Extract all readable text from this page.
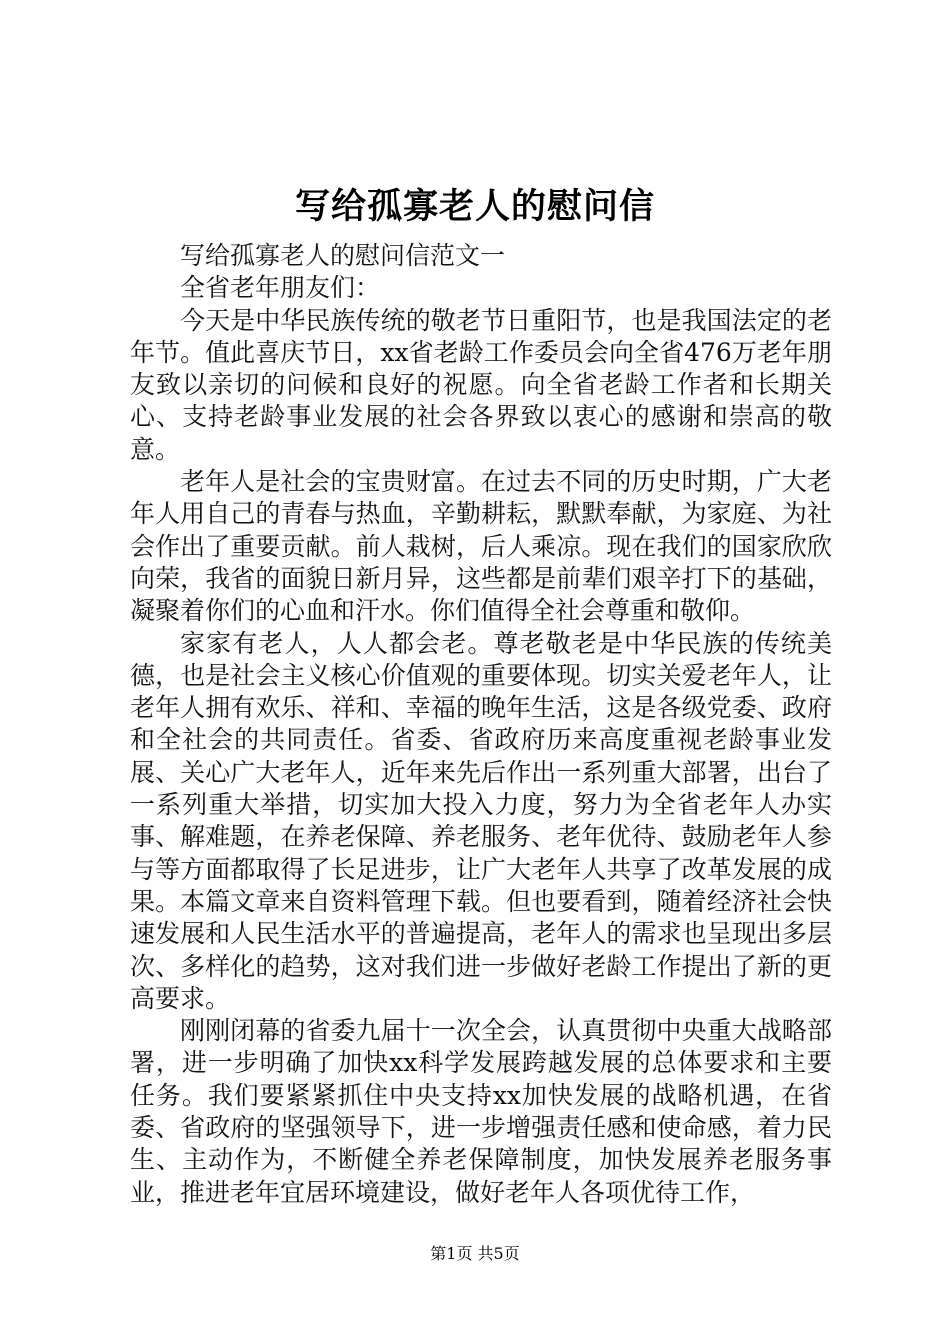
写给孤寡老人的慰问信

写给孤寡老人的慰问信范文一

全省老年朋友们：

今天是中华民族传统的敬老节日重阳节，也是我国法定的老年节。值此喜庆节日，xx省老龄工作委员会向全省476万老年朋友致以亲切的问候和良好的祝愿。向全省老龄工作者和长期关心、支持老龄事业发展的社会各界致以衷心的感谢和崇高的敬意。

老年人是社会的宝贵财富。在过去不同的历史时期，广大老年人用自己的青春与热血，辛勤耕耘，默默奉献，为家庭、为社会作出了重要贡献。前人栽树，后人乘凉。现在我们的国家欣欣向荣，我省的面貌日新月异，这些都是前辈们艰辛打下的基础，凝聚着你们的心血和汗水。你们值得全社会尊重和敬仰。

家家有老人，人人都会老。尊老敬老是中华民族的传统美德，也是社会主义核心价值观的重要体现。切实关爱老年人，让老年人拥有欢乐、祥和、幸福的晚年生活，这是各级党委、政府和全社会的共同责任。省委、省政府历来高度重视老龄事业发展、关心广大老年人，近年来先后作出一系列重大部署，出台了一系列重大举措，切实加大投入力度，努力为全省老年人办实事、解难题，在养老保障、养老服务、老年优待、鼓励老年人参与等方面都取得了长足进步，让广大老年人共享了改革发展的成果。本篇文章来自资料管理下载。但也要看到，随着经济社会快速发展和人民生活水平的普遍提高，老年人的需求也呈现出多层次、多样化的趋势，这对我们进一步做好老龄工作提出了新的更高要求。

刚刚闭幕的省委九届十一次全会，认真贯彻中央重大战略部署，进一步明确了加快xx科学发展跨越发展的总体要求和主要任务。我们要紧紧抓住中央支持xx加快发展的战略机遇，在省委、省政府的坚强领导下，进一步增强责任感和使命感，着力民生、主动作为，不断健全养老保障制度，加快发展养老服务事业，推进老年宜居环境建设，做好老年人各项优待工作，

第1页 共5页
